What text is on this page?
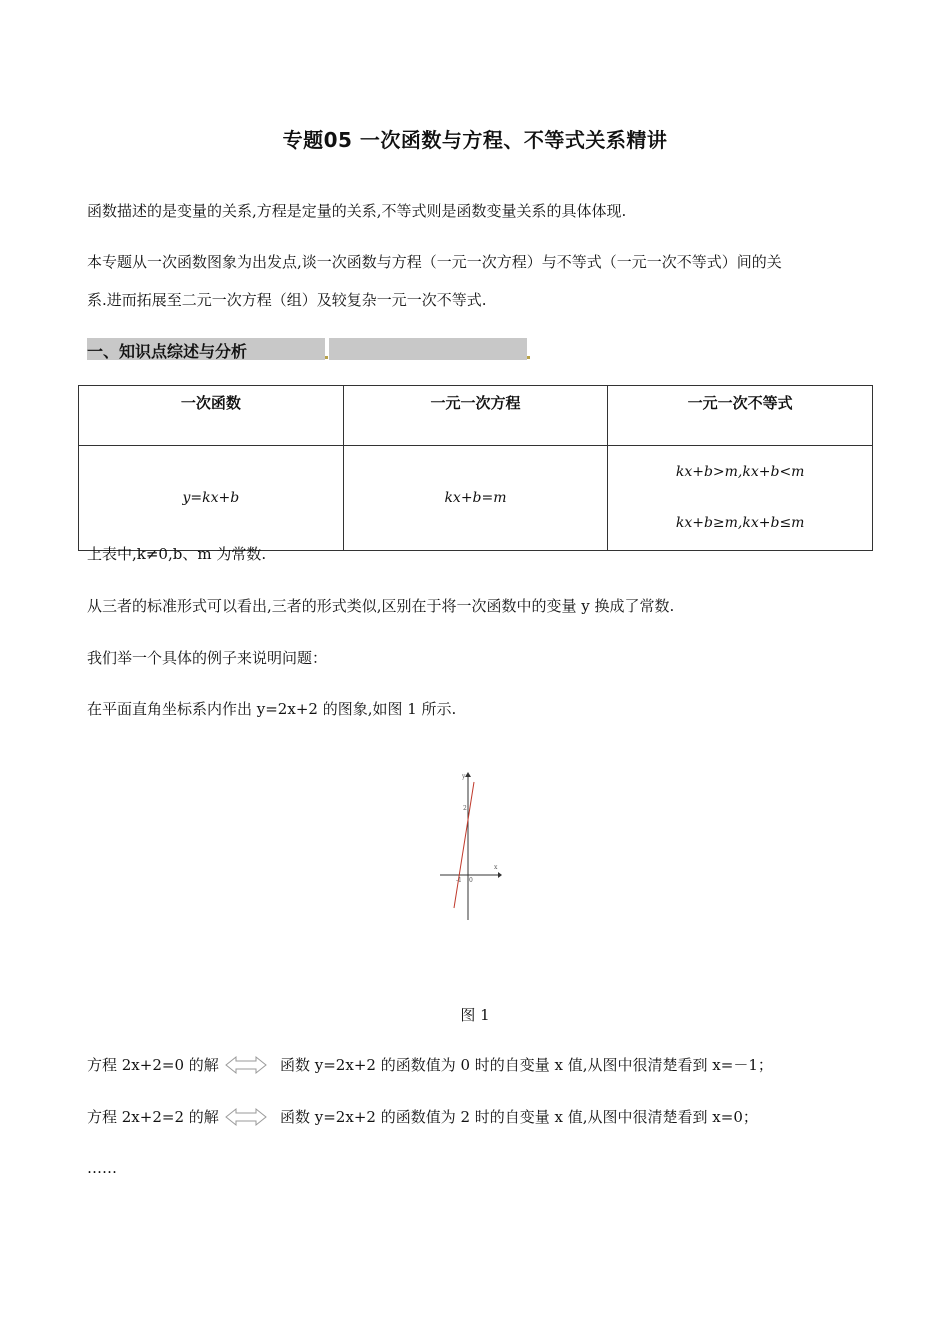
专题05 一次函数与方程、不等式关系精讲
函数描述的是变量的关系,方程是定量的关系,不等式则是函数变量关系的具体体现.
本专题从一次函数图象为出发点,谈一次函数与方程（一元一次方程）与不等式（一元一次不等式）间的关
系.进而拓展至二元一次方程（组）及较复杂一元一次不等式.
一、知识点综述与分析
一次函数	一元一次方程	一元一次不等式
y=kx+b	kx+b=m	kx+b>m,kx+b<m
kx+b≥m,kx+b≤m
上表中,k≠0,b、m 为常数.
从三者的标准形式可以看出,三者的形式类似,区别在于将一次函数中的变量 y 换成了常数.
我们举一个具体的例子来说明问题：
在平面直角坐标系内作出 y=2x+2 的图象,如图 1 所示.
x
y
0
-1
2
图 1
方程 2x+2=0 的解	函数 y=2x+2 的函数值为 0 时的自变量 x 值,从图中很清楚看到 x=－1；
方程 2x+2=2 的解	函数 y=2x+2 的函数值为 2 时的自变量 x 值,从图中很清楚看到 x=0；
……
